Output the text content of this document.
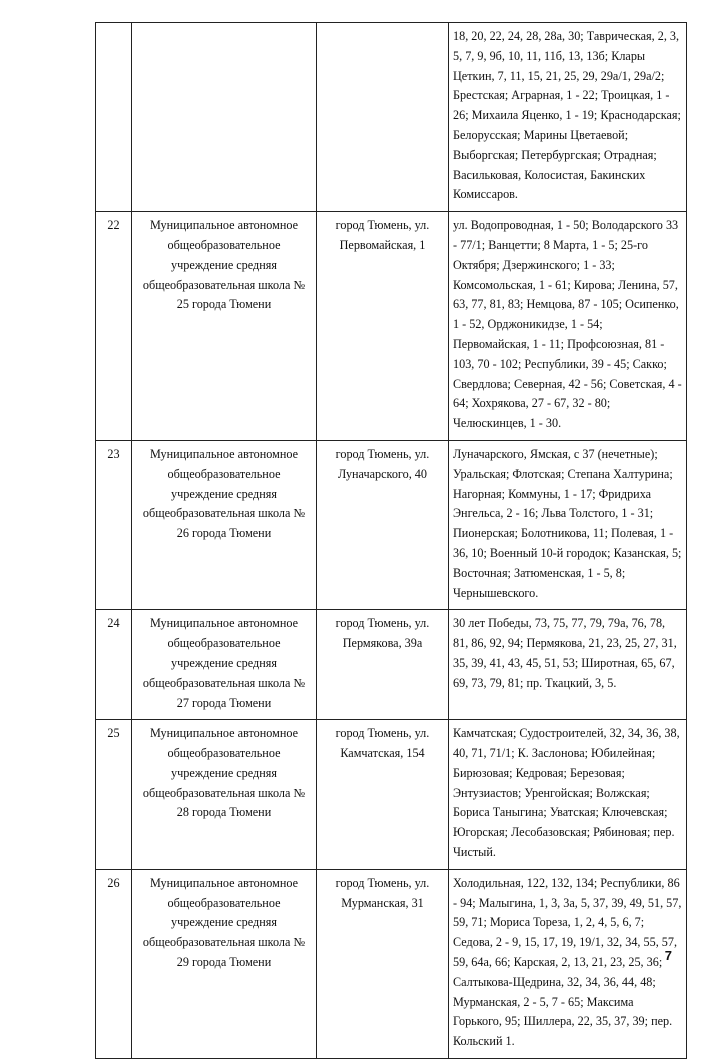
			18, 20, 22, 24, 28, 28а, 30; Таврическая, 2, 3, 5, 7, 9, 9б, 10, 11, 11б, 13, 13б; Клары Цеткин, 7, 11, 15, 21, 25, 29, 29а/1, 29а/2; Брестская; Аграрная, 1 - 22; Троицкая, 1 - 26; Михаила Яценко, 1 - 19; Краснодарская; Белорусская; Марины Цветаевой; Выборгская; Петербургская; Отрадная; Васильковая, Колосистая, Бакинских Комиссаров.
22	Муниципальное автономное общеобразовательное учреждение средняя общеобразовательная школа № 25 города Тюмени	город Тюмень, ул. Первомайская, 1	ул. Водопроводная, 1 - 50; Володарского 33 - 77/1; Ванцетти; 8 Марта, 1 - 5; 25-го Октября; Дзержинского; 1 - 33; Комсомольская, 1 - 61; Кирова; Ленина, 57, 63, 77, 81, 83; Немцова, 87 - 105; Осипенко, 1 - 52, Орджоникидзе, 1 - 54; Первомайская, 1 - 11; Профсоюзная, 81 - 103, 70 - 102; Республики, 39 - 45; Сакко; Свердлова; Северная, 42 - 56; Советская, 4 - 64; Хохрякова, 27 - 67, 32 - 80; Челюскинцев, 1 - 30.
23	Муниципальное автономное общеобразовательное учреждение средняя общеобразовательная школа № 26 города Тюмени	город Тюмень, ул. Луначарского, 40	Луначарского, Ямская, с 37 (нечетные); Уральская; Флотская; Степана Халтурина; Нагорная; Коммуны, 1 - 17; Фридриха Энгельса, 2 - 16; Льва Толстого, 1 - 31; Пионерская; Болотникова, 11; Полевая, 1 - 36, 10; Военный 10-й городок; Казанская, 5; Восточная; Затюменская, 1 - 5, 8; Чернышевского.
24	Муниципальное автономное общеобразовательное учреждение средняя общеобразовательная школа № 27 города Тюмени	город Тюмень, ул. Пермякова, 39а	30 лет Победы, 73, 75, 77, 79, 79а, 76, 78, 81, 86, 92, 94; Пермякова, 21, 23, 25, 27, 31, 35, 39, 41, 43, 45, 51, 53; Широтная, 65, 67, 69, 73, 79, 81; пр. Ткацкий, 3, 5.
25	Муниципальное автономное общеобразовательное учреждение средняя общеобразовательная школа № 28 города Тюмени	город Тюмень, ул. Камчатская, 154	Камчатская; Судостроителей, 32, 34, 36, 38, 40, 71, 71/1; К. Заслонова; Юбилейная; Бирюзовая; Кедровая; Березовая; Энтузиастов; Уренгойская; Волжская; Бориса Таныгина; Уватская; Ключевская; Югорская; Лесобазовская; Рябиновая; пер. Чистый.
26	Муниципальное автономное общеобразовательное учреждение средняя общеобразовательная школа № 29 города Тюмени	город Тюмень, ул. Мурманская, 31	Холодильная, 122, 132, 134; Республики, 86 - 94; Малыгина, 1, 3, 3а, 5, 37, 39, 49, 51, 57, 59, 71; Мориса Тореза, 1, 2, 4, 5, 6, 7; Седова, 2 - 9, 15, 17, 19, 19/1, 32, 34, 55, 57, 59, 64а, 66; Карская, 2, 13, 21, 23, 25, 36; Салтыкова-Щедрина, 32, 34, 36, 44, 48; Мурманская, 2 - 5, 7 - 65; Максима Горького, 95; Шиллера, 22, 35, 37, 39; пер. Кольский 1.
7
